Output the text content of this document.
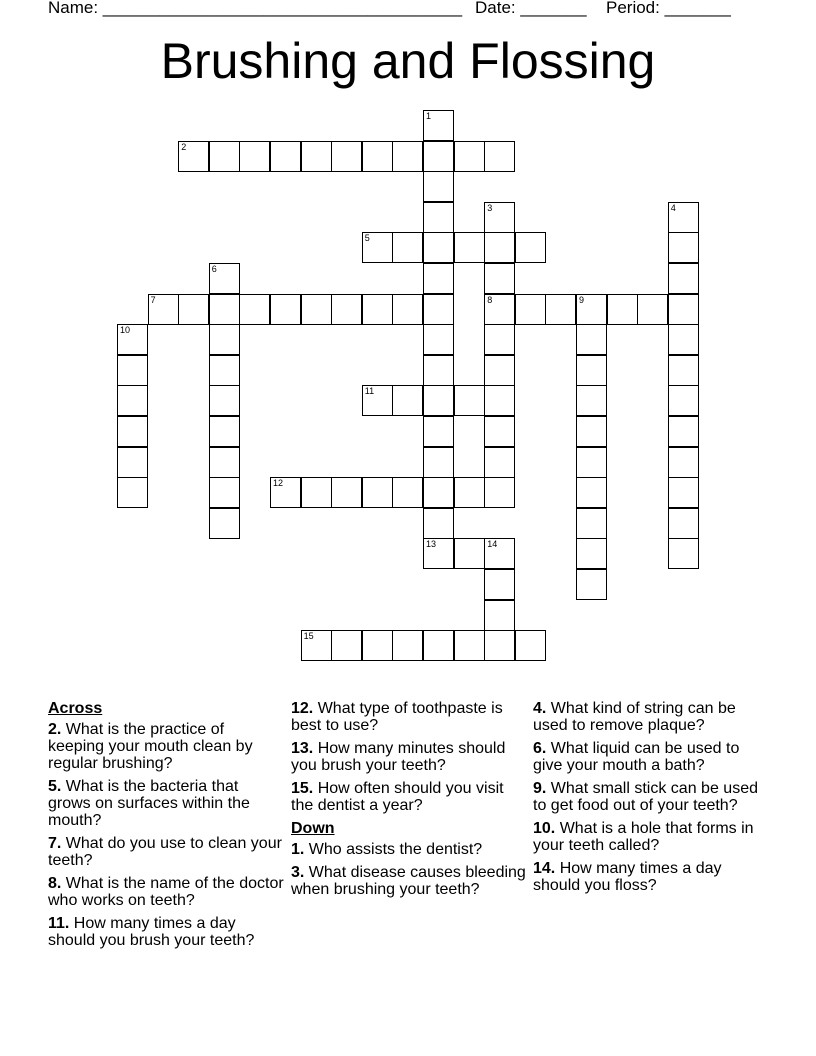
Name: ______________________________________ Date: _______ Period: _______
Brushing and Flossing
1
13
2
3
8
4
5
6
7	9
10
11
12
14
15
Across
2. What is the practice of keeping your mouth clean by regular brushing?
5. What is the bacteria that grows on surfaces within the mouth?
7. What do you use to clean your teeth?
8. What is the name of the doctor who works on teeth?
11. How many times a day should you brush your teeth?
12. What type of toothpaste is best to use?
13. How many minutes should you brush your teeth?
15. How often should you visit the dentist a year?
Down
1. Who assists the dentist?
3. What disease causes bleeding when brushing your teeth?
4. What kind of string can be used to remove plaque?
6. What liquid can be used to give your mouth a bath?
9. What small stick can be used to get food out of your teeth?
10. What is a hole that forms in your teeth called?
14. How many times a day should you floss?
